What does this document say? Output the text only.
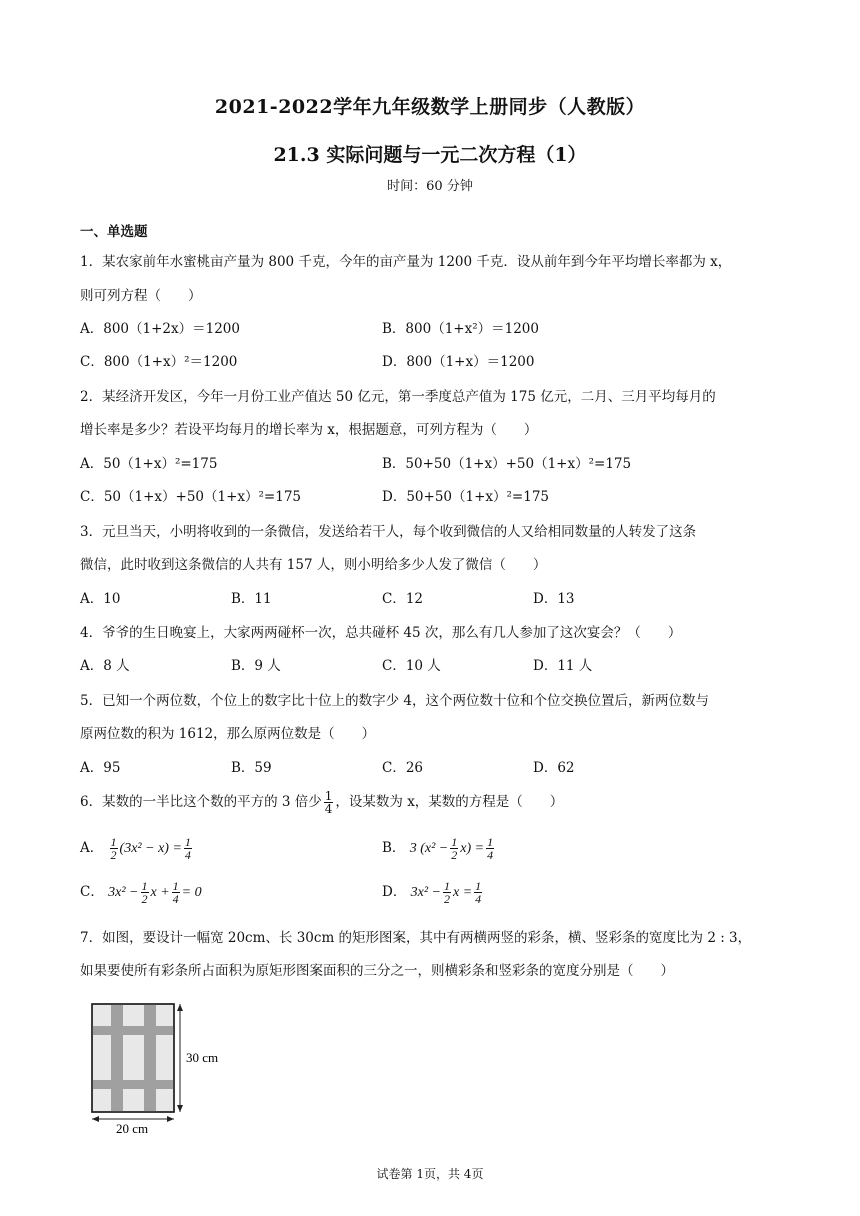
2021-2022学年九年级数学上册同步（人教版）
21.3 实际问题与一元二次方程（1）
时间：60 分钟
一、单选题
1．某农家前年水蜜桃亩产量为 800 千克，今年的亩产量为 1200 千克．设从前年到今年平均增长率都为 x，
则可列方程（　　）
A．800（1+2x）＝1200	B．800（1+x²）＝1200
C．800（1+x）²＝1200	D．800（1+x）＝1200
2．某经济开发区，今年一月份工业产值达 50 亿元，第一季度总产值为 175 亿元，二月、三月平均每月的
增长率是多少？若设平均每月的增长率为 x，根据题意，可列方程为（　　）
A．50（1+x）²=175	B．50+50（1+x）+50（1+x）²=175
C．50（1+x）+50（1+x）²=175	D．50+50（1+x）²=175
3．元旦当天，小明将收到的一条微信，发送给若干人，每个收到微信的人又给相同数量的人转发了这条
微信，此时收到这条微信的人共有 157 人，则小明给多少人发了微信（　　）
A．10	B．11	C．12	D．13
4．爷爷的生日晚宴上，大家两两碰杯一次，总共碰杯 45 次，那么有几人参加了这次宴会？（　　）
A．8 人	B．9 人	C．10 人	D．11 人
5．已知一个两位数，个位上的数字比十位上的数字少 4，这个两位数十位和个位交换位置后，新两位数与
原两位数的积为 1612，那么原两位数是（　　）
A．95	B．59	C．26	D．62
6．某数的一半比这个数的平方的 3 倍少 $\frac{1}{4}$ ，设某数为 x，某数的方程是（　　）
A． $\frac{1}{2} (3x^2 - x) = \frac{1}{4}$	B． 3 $(x^2 - \frac{1}{2} x) = \frac{1}{4}$
C． $3x^2 - \frac{1}{2}$ $x + \frac{1}{4} = 0$	D． $3x^2 - \frac{1}{2}$ $x = \frac{1}{4}$
7．如图，要设计一幅宽 20cm、长 30cm 的矩形图案，其中有两横两竖的彩条，横、竖彩条的宽度比为 2 : 3，
如果要使所有彩条所占面积为原矩形图案面积的三分之一，则横彩条和竖彩条的宽度分别是（　　）
30 cm
20 cm
试卷第 1页，共 4页
